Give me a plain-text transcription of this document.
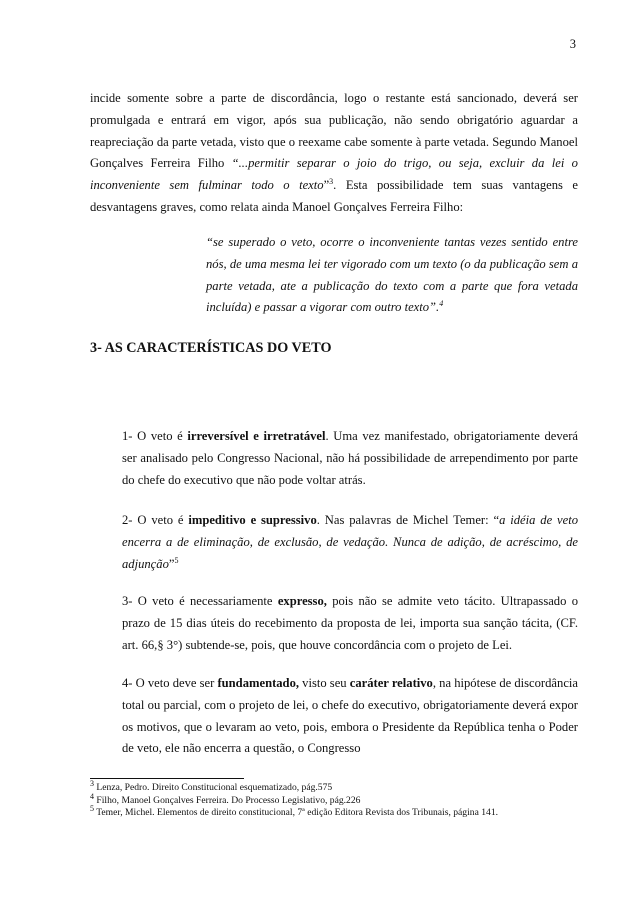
3

incide somente sobre a parte de discordância, logo o restante está sancionado, deverá ser promulgada e entrará em vigor, após sua publicação, não sendo obrigatório aguardar a reapreciação da parte vetada, visto que o reexame cabe somente à parte vetada. Segundo Manoel Gonçalves Ferreira Filho “...permitir separar o joio do trigo, ou seja, excluir da lei o inconveniente sem fulminar todo o texto”$^3$. Esta possibilidade tem suas vantagens e desvantagens graves, como relata ainda Manoel Gonçalves Ferreira Filho:

“se superado o veto, ocorre o inconveniente tantas vezes sentido entre nós, de uma mesma lei ter vigorado com um texto (o da publicação sem a parte vetada, ate a publicação do texto com a parte que fora vetada incluída) e passar a vigorar com outro texto”.$^4$

3- AS CARACTERÍSTICAS DO VETO

1- O veto é irreversível e irretratável. Uma vez manifestado, obrigatoriamente deverá ser analisado pelo Congresso Nacional, não há possibilidade de arrependimento por parte do chefe do executivo que não pode voltar atrás.

2- O veto é impeditivo e supressivo. Nas palavras de Michel Temer: “a idéia de veto encerra a de eliminação, de exclusão, de vedação. Nunca de adição, de acréscimo, de adjunção”$^5$

3- O veto é necessariamente expresso, pois não se admite veto tácito. Ultrapassado o prazo de 15 dias úteis do recebimento da proposta de lei, importa sua sanção tácita, (CF. art. 66,§ 3°) subtende-se, pois, que houve concordância com o projeto de Lei.

4- O veto deve ser fundamentado, visto seu caráter relativo, na hipótese de discordância total ou parcial, com o projeto de lei, o chefe do executivo, obrigatoriamente deverá expor os motivos, que o levaram ao veto, pois, embora o Presidente da República tenha o Poder de veto, ele não encerra a questão, o Congresso

$^3$ Lenza, Pedro. Direito Constitucional esquematizado, pág.575

$^4$ Filho, Manoel Gonçalves Ferreira. Do Processo Legislativo, pág.226

$^5$ Temer, Michel. Elementos de direito constitucional, 7ª edição Editora Revista dos Tribunais, página 141.
